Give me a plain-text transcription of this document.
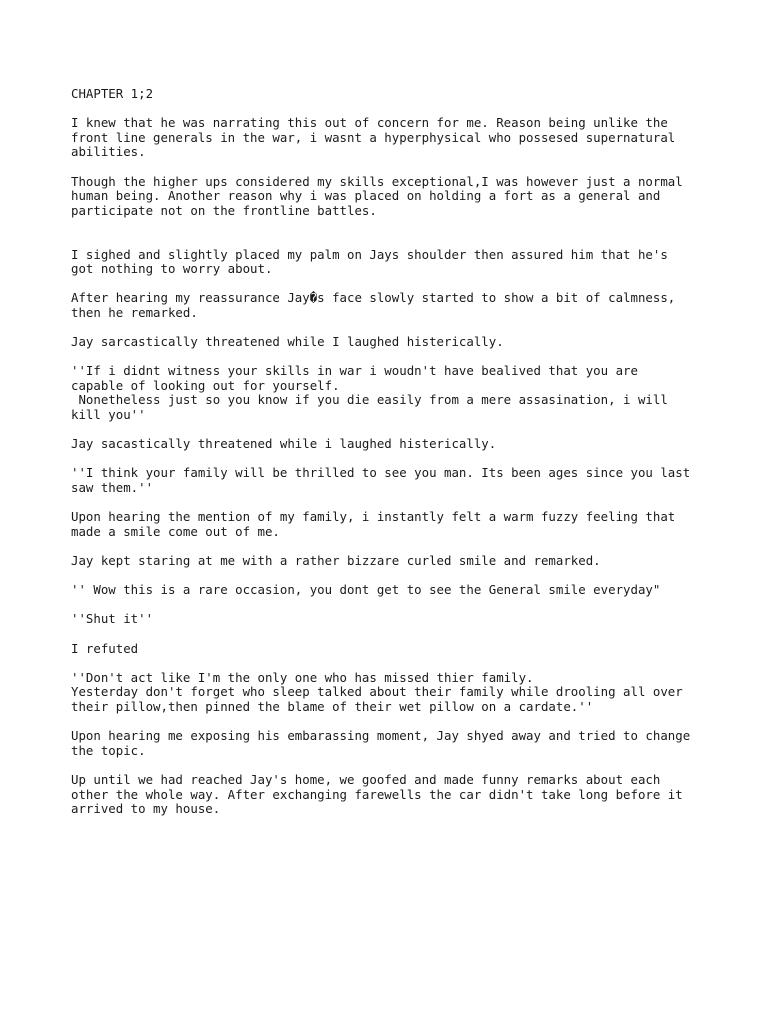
CHAPTER 1;2
I knew that he was narrating this out of concern for me. Reason being unlike the
front line generals in the war, i wasnt a hyperphysical who possesed supernatural
abilities.
Though the higher ups considered my skills exceptional,I was however just a normal
human being. Another reason why i was placed on holding a fort as a general and
participate not on the frontline battles.
I sighed and slightly placed my palm on Jays shoulder then assured him that he's
got nothing to worry about.
After hearing my reassurance Jay�s face slowly started to show a bit of calmness,
then he remarked.
Jay sarcastically threatened while I laughed histerically.
''If i didnt witness your skills in war i woudn't have bealived that you are
capable of looking out for yourself.
Nonetheless just so you know if you die easily from a mere assasination, i will
kill you''
Jay sacastically threatened while i laughed histerically.
''I think your family will be thrilled to see you man. Its been ages since you last
saw them.''
Upon hearing the mention of my family, i instantly felt a warm fuzzy feeling that
made a smile come out of me.
Jay kept staring at me with a rather bizzare curled smile and remarked.
'' Wow this is a rare occasion, you dont get to see the General smile everyday"
''Shut it''
I refuted
''Don't act like I'm the only one who has missed thier family.
Yesterday don't forget who sleep talked about their family while drooling all over
their pillow,then pinned the blame of their wet pillow on a cardate.''
Upon hearing me exposing his embarassing moment, Jay shyed away and tried to change
the topic.
Up until we had reached Jay's home, we goofed and made funny remarks about each
other the whole way. After exchanging farewells the car didn't take long before it
arrived to my house.
